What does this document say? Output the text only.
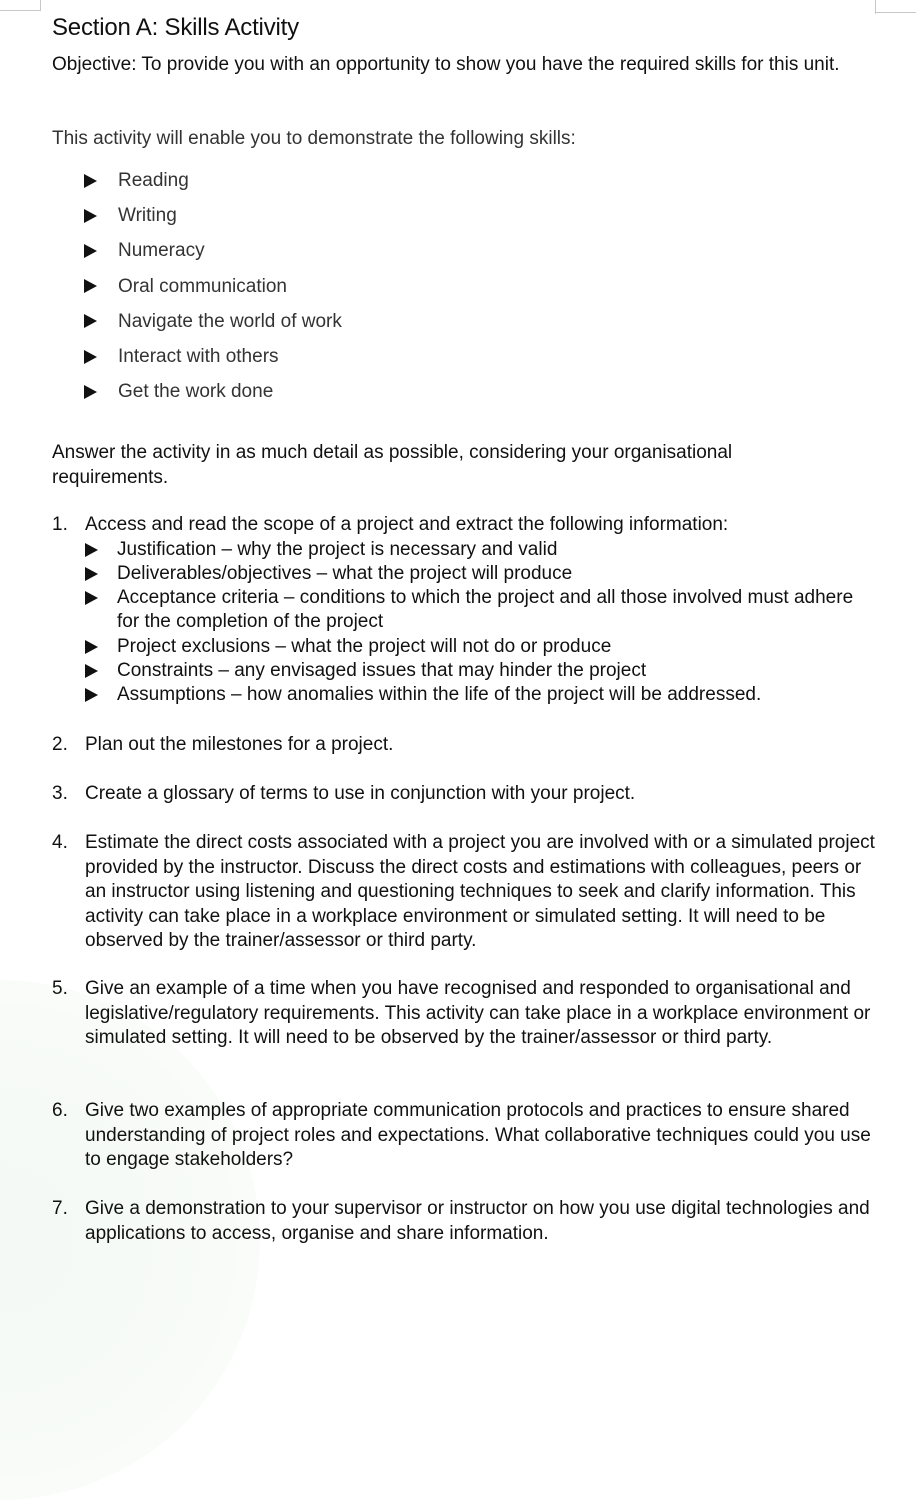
Section A: Skills Activity

Objective: To provide you with an opportunity to show you have the required skills for this unit.

This activity will enable you to demonstrate the following skills:

Reading
Writing
Numeracy
Oral communication
Navigate the world of work
Interact with others
Get the work done

Answer the activity in as much detail as possible, considering your organisational requirements.

1. Access and read the scope of a project and extract the following information:
Justification – why the project is necessary and valid
Deliverables/objectives – what the project will produce
Acceptance criteria – conditions to which the project and all those involved must adhere for the completion of the project
Project exclusions – what the project will not do or produce
Constraints – any envisaged issues that may hinder the project
Assumptions – how anomalies within the life of the project will be addressed.
2. Plan out the milestones for a project.
3. Create a glossary of terms to use in conjunction with your project.
4. Estimate the direct costs associated with a project you are involved with or a simulated project provided by the instructor. Discuss the direct costs and estimations with colleagues, peers or an instructor using listening and questioning techniques to seek and clarify information. This activity can take place in a workplace environment or simulated setting. It will need to be observed by the trainer/assessor or third party.
5. Give an example of a time when you have recognised and responded to organisational and legislative/regulatory requirements. This activity can take place in a workplace environment or simulated setting. It will need to be observed by the trainer/assessor or third party.
6. Give two examples of appropriate communication protocols and practices to ensure shared understanding of project roles and expectations. What collaborative techniques could you use to engage stakeholders?
7. Give a demonstration to your supervisor or instructor on how you use digital technologies and applications to access, organise and share information.
